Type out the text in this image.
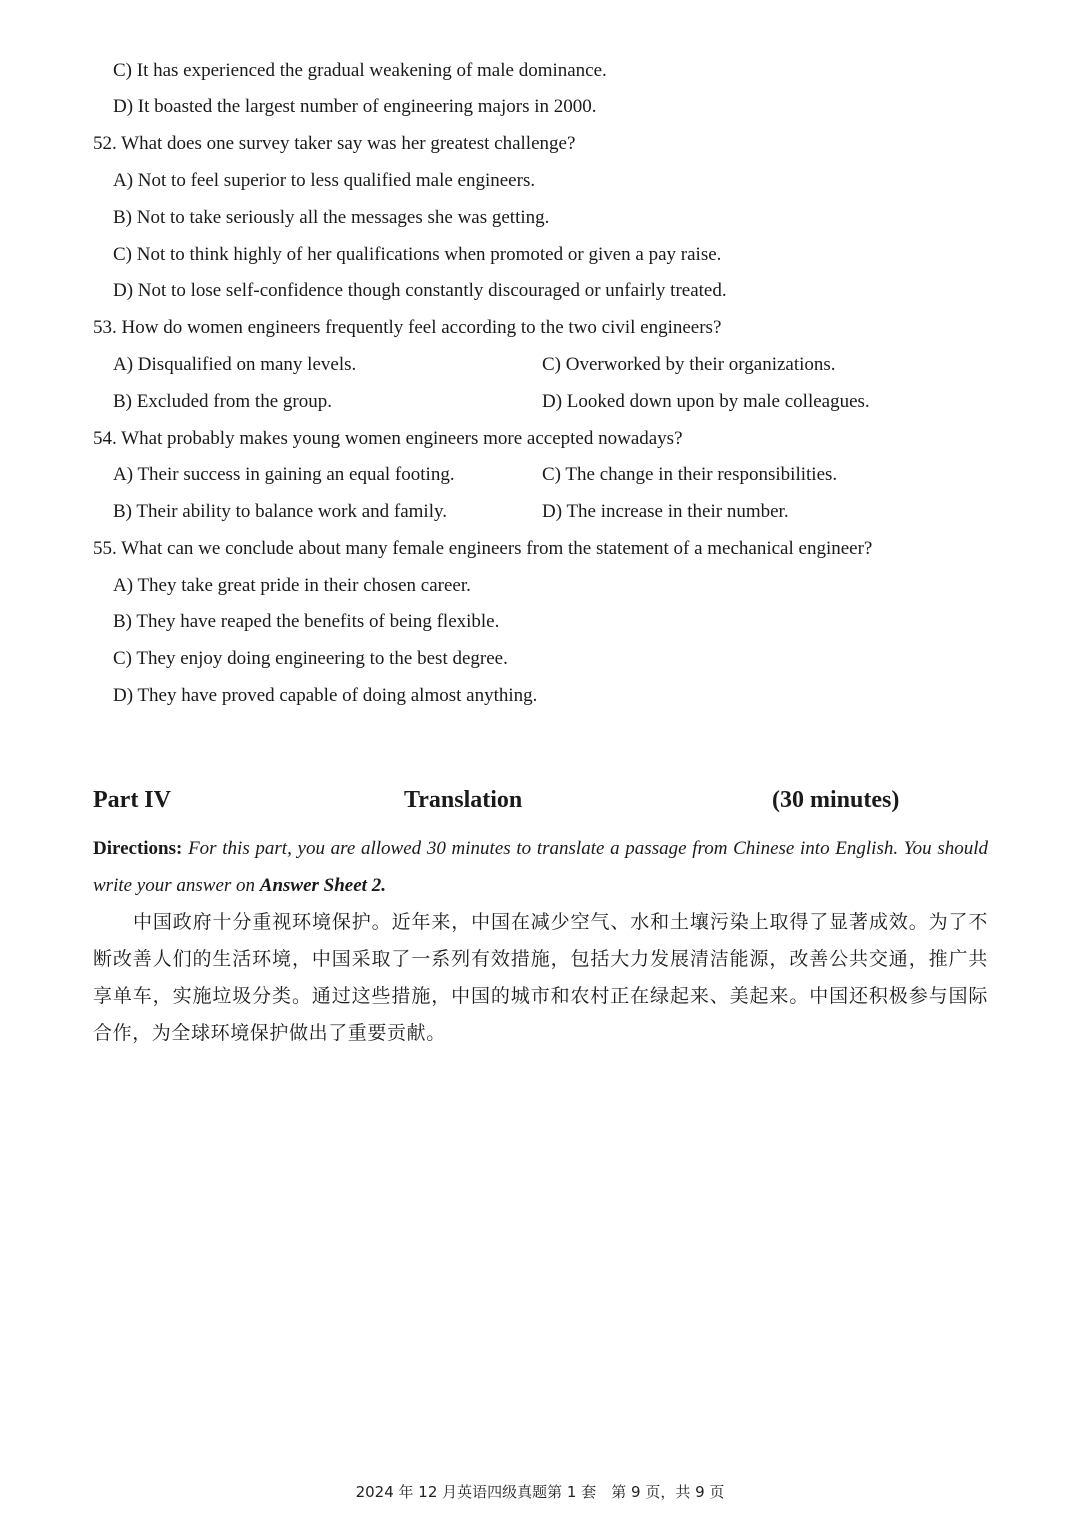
C) It has experienced the gradual weakening of male dominance.
D) It boasted the largest number of engineering majors in 2000.
52. What does one survey taker say was her greatest challenge?
A) Not to feel superior to less qualified male engineers.
B) Not to take seriously all the messages she was getting.
C) Not to think highly of her qualifications when promoted or given a pay raise.
D) Not to lose self-confidence though constantly discouraged or unfairly treated.
53. How do women engineers frequently feel according to the two civil engineers?
A) Disqualified on many levels.	C) Overworked by their organizations.
B) Excluded from the group.	D) Looked down upon by male colleagues.
54. What probably makes young women engineers more accepted nowadays?
A) Their success in gaining an equal footing.	C) The change in their responsibilities.
B) Their ability to balance work and family.	D) The increase in their number.
55. What can we conclude about many female engineers from the statement of a mechanical engineer?
A) They take great pride in their chosen career.
B) They have reaped the benefits of being flexible.
C) They enjoy doing engineering to the best degree.
D) They have proved capable of doing almost anything.
Part IV	Translation	(30 minutes)
Directions: For this part, you are allowed 30 minutes to translate a passage from Chinese into English. You should write your answer on Answer Sheet 2.
中国政府十分重视环境保护。近年来，中国在减少空气、水和土壤污染上取得了显著成效。为了不断改善人们的生活环境，中国采取了一系列有效措施，包括大力发展清洁能源，改善公共交通，推广共享单车，实施垃圾分类。通过这些措施，中国的城市和农村正在绿起来、美起来。中国还积极参与国际合作，为全球环境保护做出了重要贡献。
2024 年 12 月英语四级真题第 1 套　第 9 页，共 9 页
